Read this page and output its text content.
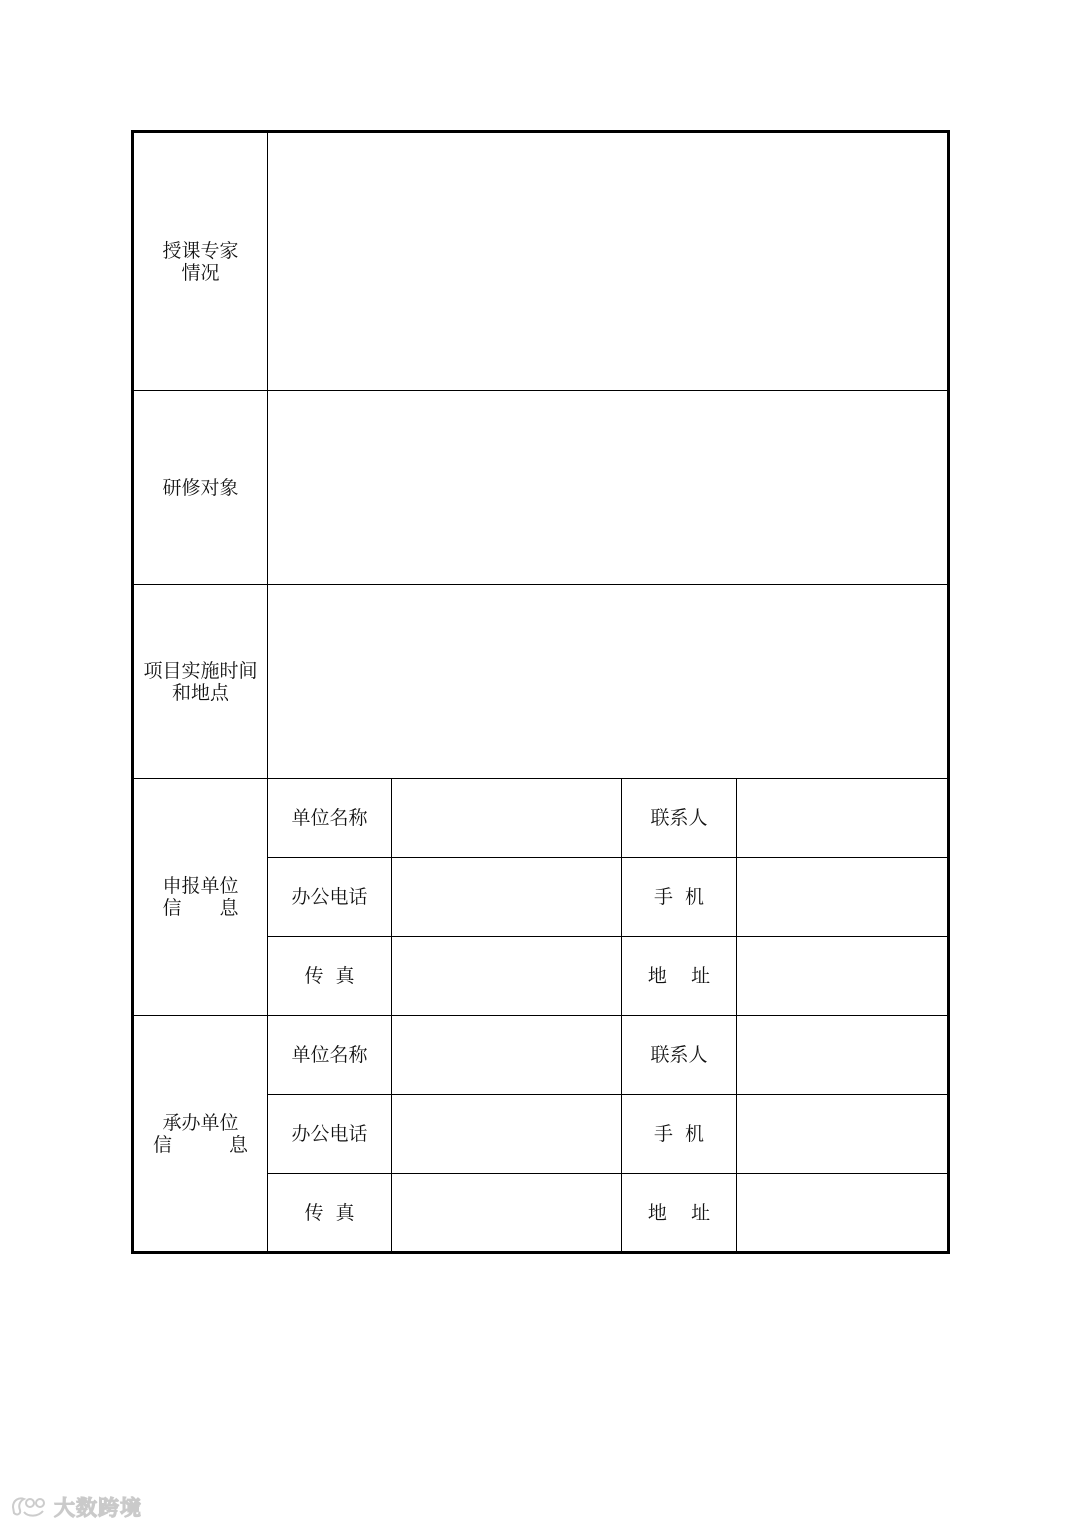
授课专家
情况				

研修对象				

项目实施时间
和地点				

申报单位
信　　息	单位名称		联系人	
	办公电话		手  机	
	传  真		地    址	

承办单位
信　　　息	单位名称		联系人	
	办公电话		手  机	
	传  真		地    址	
大数跨境
